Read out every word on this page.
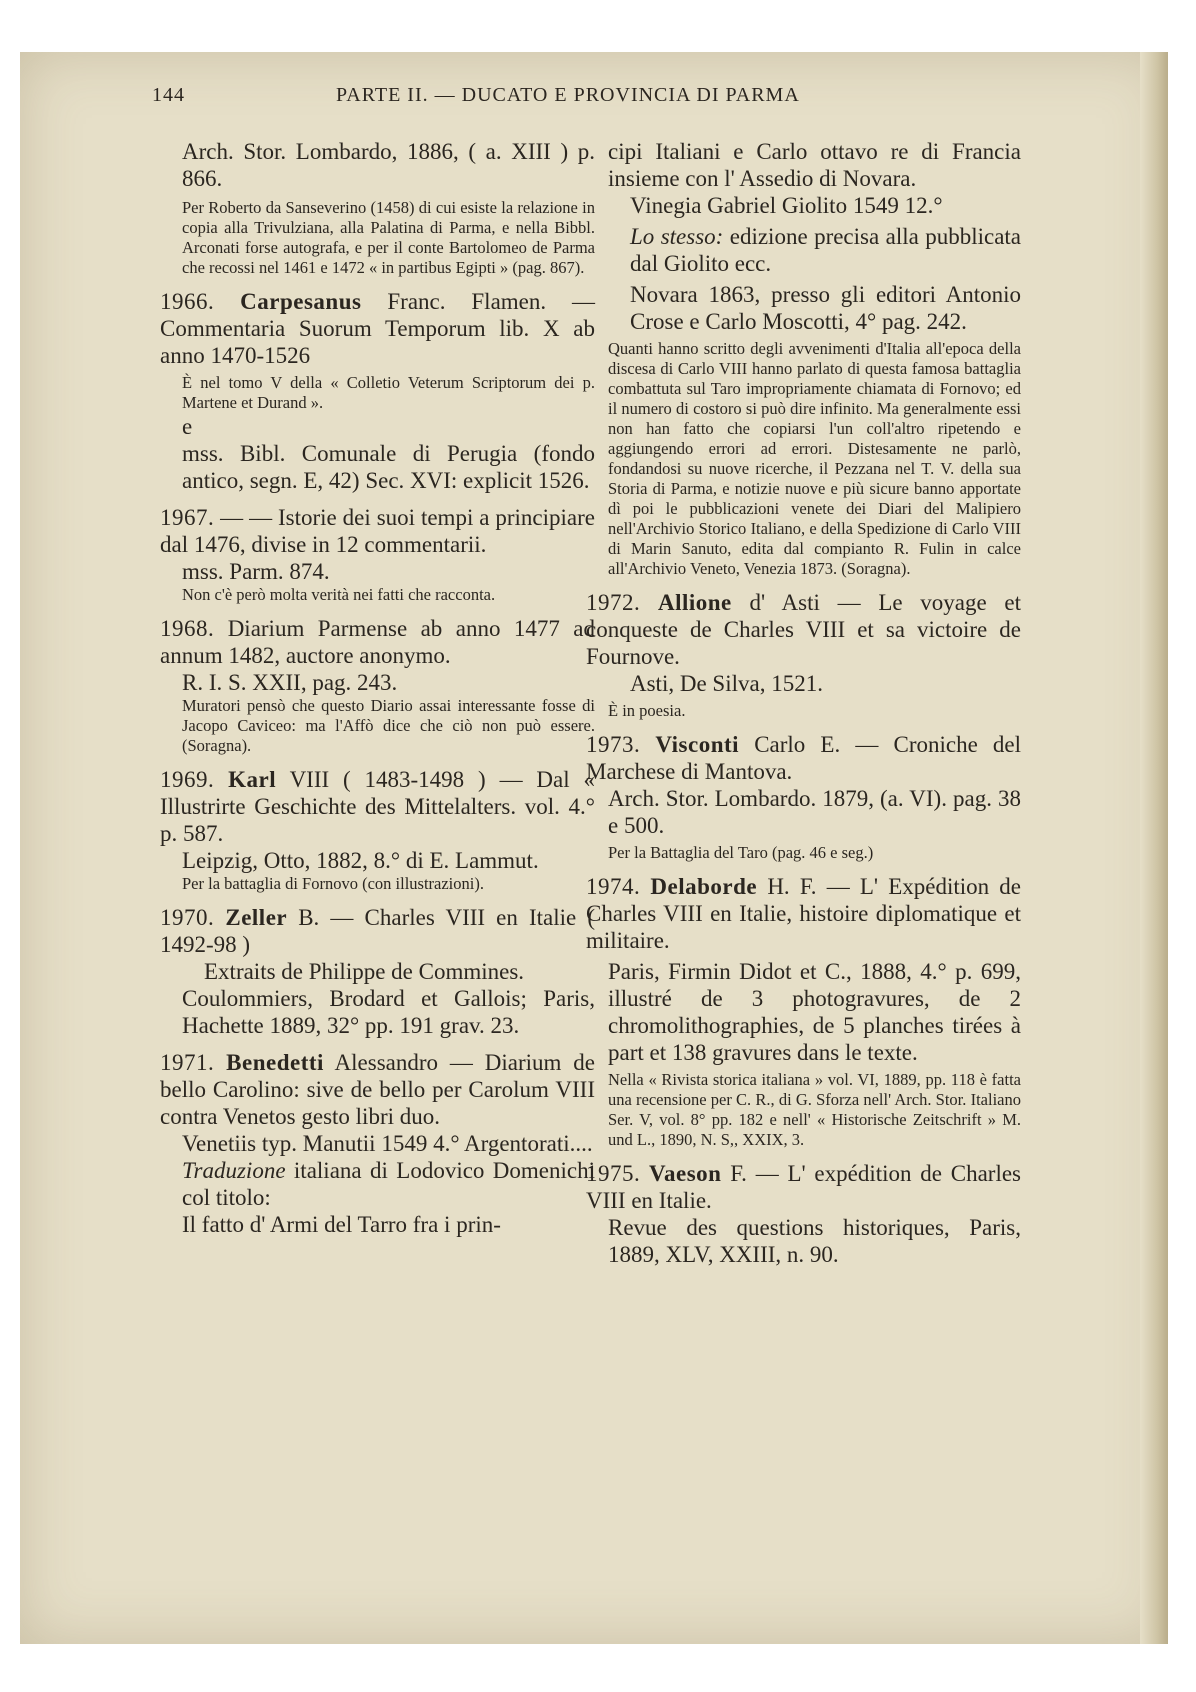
144	PARTE II. — DUCATO E PROVINCIA DI PARMA

Arch. Stor. Lombardo, 1886, ( a. XIII ) p. 866.

Per Roberto da Sanseverino (1458) di cui esiste la relazione in copia alla Trivulziana, alla Palatina di Parma, e nella Bibbl. Arconati forse autografa, e per il conte Bartolomeo de Parma che recossi nel 1461 e 1472 « in partibus Egipti » (pag. 867).

1966. Carpesanus Franc. Flamen. — Commentaria Suorum Temporum lib. X ab anno 1470-1526

È nel tomo V della « Colletio Veterum Scriptorum dei p. Martene et Durand ».

e

mss. Bibl. Comunale di Perugia (fondo antico, segn. E, 42) Sec. XVI: explicit 1526.

1967. — — Istorie dei suoi tempi a principiare dal 1476, divise in 12 commentarii.

mss. Parm. 874.

Non c'è però molta verità nei fatti che racconta.

1968. Diarium Parmense ab anno 1477 ad annum 1482, auctore anonymo.

R. I. S. XXII, pag. 243.

Muratori pensò che questo Diario assai interessante fosse di Jacopo Caviceo: ma l'Affò dice che ciò non può essere. (Soragna).

1969. Karl VIII ( 1483-1498 ) — Dal « Illustrirte Geschichte des Mittelalters. vol. 4.° p. 587.

Leipzig, Otto, 1882, 8.° di E. Lammut.

Per la battaglia di Fornovo (con illustrazioni).

1970. Zeller B. — Charles VIII en Italie ( 1492-98 )

Extraits de Philippe de Commines.

Coulommiers, Brodard et Gallois; Paris, Hachette 1889, 32° pp. 191 grav. 23.

1971. Benedetti Alessandro — Diarium de bello Carolino: sive de bello per Carolum VIII contra Venetos gesto libri duo.

Venetiis typ. Manutii 1549 4.° Argentorati....

Traduzione italiana di Lodovico Domenichi col titolo:

Il fatto d' Armi del Tarro fra i prin-

cipi Italiani e Carlo ottavo re di Francia insieme con l' Assedio di Novara.

Vinegia Gabriel Giolito 1549 12.°

Lo stesso: edizione precisa alla pubblicata dal Giolito ecc.

Novara 1863, presso gli editori Antonio Crose e Carlo Moscotti, 4° pag. 242.

Quanti hanno scritto degli avvenimenti d'Italia all'epoca della discesa di Carlo VIII hanno parlato di questa famosa battaglia combattuta sul Taro impropriamente chiamata di Fornovo; ed il numero di costoro si può dire infinito. Ma generalmente essi non han fatto che copiarsi l'un coll'altro ripetendo e aggiungendo errori ad errori. Distesamente ne parlò, fondandosi su nuove ricerche, il Pezzana nel T. V. della sua Storia di Parma, e notizie nuove e più sicure banno apportate dì poi le pubblicazioni venete dei Diari del Malipiero nell'Archivio Storico Italiano, e della Spedizione di Carlo VIII di Marin Sanuto, edita dal compianto R. Fulin in calce all'Archivio Veneto, Venezia 1873. (Soragna).

1972. Allione d' Asti — Le voyage et conqueste de Charles VIII et sa victoire de Fournove.

Asti, De Silva, 1521.

È in poesia.

1973. Visconti Carlo E. — Croniche del Marchese di Mantova.

Arch. Stor. Lombardo. 1879, (a. VI). pag. 38 e 500.

Per la Battaglia del Taro (pag. 46 e seg.)

1974. Delaborde H. F. — L' Expédition de Charles VIII en Italie, histoire diplomatique et militaire.

Paris, Firmin Didot et C., 1888, 4.° p. 699, illustré de 3 photogravures, de 2 chromolithographies, de 5 planches tirées à part et 138 gravures dans le texte.

Nella « Rivista storica italiana » vol. VI, 1889, pp. 118 è fatta una recensione per C. R., di G. Sforza nell' Arch. Stor. Italiano Ser. V, vol. 8° pp. 182 e nell' « Historische Zeitschrift » M. und L., 1890, N. S,, XXIX, 3.

1975. Vaeson F. — L' expédition de Charles VIII en Italie.

Revue des questions historiques, Paris, 1889, XLV, XXIII, n. 90.
